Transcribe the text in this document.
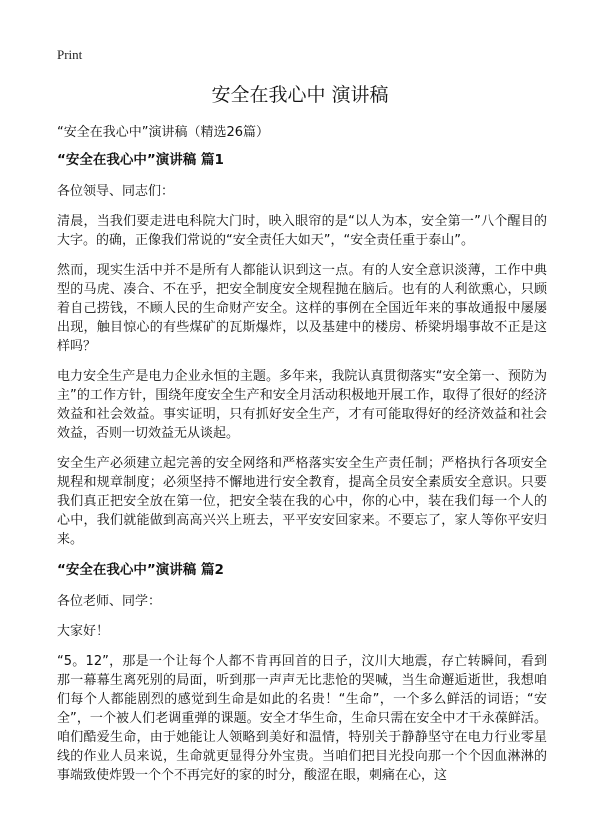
Print
安全在我心中 演讲稿

“安全在我心中”演讲稿（精选26篇）

“安全在我心中”演讲稿 篇1

各位领导、同志们：

清晨，当我们要走进电科院大门时，映入眼帘的是“以人为本，安全第一”八个醒目的大字。的确，正像我们常说的“安全责任大如天”，“安全责任重于泰山”。

然而，现实生活中并不是所有人都能认识到这一点。有的人安全意识淡薄，工作中典型的马虎、凑合、不在乎，把安全制度安全规程抛在脑后。也有的人利欲熏心，只顾着自己捞钱，不顾人民的生命财产安全。这样的事例在全国近年来的事故通报中屡屡出现，触目惊心的有些煤矿的瓦斯爆炸，以及基建中的楼房、桥梁坍塌事故不正是这样吗？

电力安全生产是电力企业永恒的主题。多年来，我院认真贯彻落实“安全第一、预防为主”的工作方针，围绕年度安全生产和安全月活动积极地开展工作，取得了很好的经济效益和社会效益。事实证明，只有抓好安全生产，才有可能取得好的经济效益和社会效益，否则一切效益无从谈起。

安全生产必须建立起完善的安全网络和严格落实安全生产责任制；严格执行各项安全规程和规章制度；必须坚持不懈地进行安全教育，提高全员安全素质安全意识。只要我们真正把安全放在第一位，把安全装在我的心中，你的心中，装在我们每一个人的心中，我们就能做到高高兴兴上班去，平平安安回家来。不要忘了，家人等你平安归来。

“安全在我心中”演讲稿 篇2

各位老师、同学：

大家好！

“5。12”，那是一个让每个人都不肯再回首的日子，汶川大地震，存亡转瞬间，看到那一幕幕生离死别的局面，听到那一声声无比悲怆的哭喊，当生命邂逅逝世，我想咱们每个人都能剧烈的感觉到生命是如此的名贵！“生命”，一个多么鲜活的词语；“安全”，一个被人们老调重弹的课题。安全才华生命，生命只需在安全中才干永葆鲜活。咱们酷爱生命，由于她能让人领略到美好和温情，特别关于静静坚守在电力行业零星线的作业人员来说，生命就更显得分外宝贵。当咱们把目光投向那一个个因血淋淋的事端致使炸毁一个个不再完好的家的时分，酸涩在眼，刺痛在心，这
